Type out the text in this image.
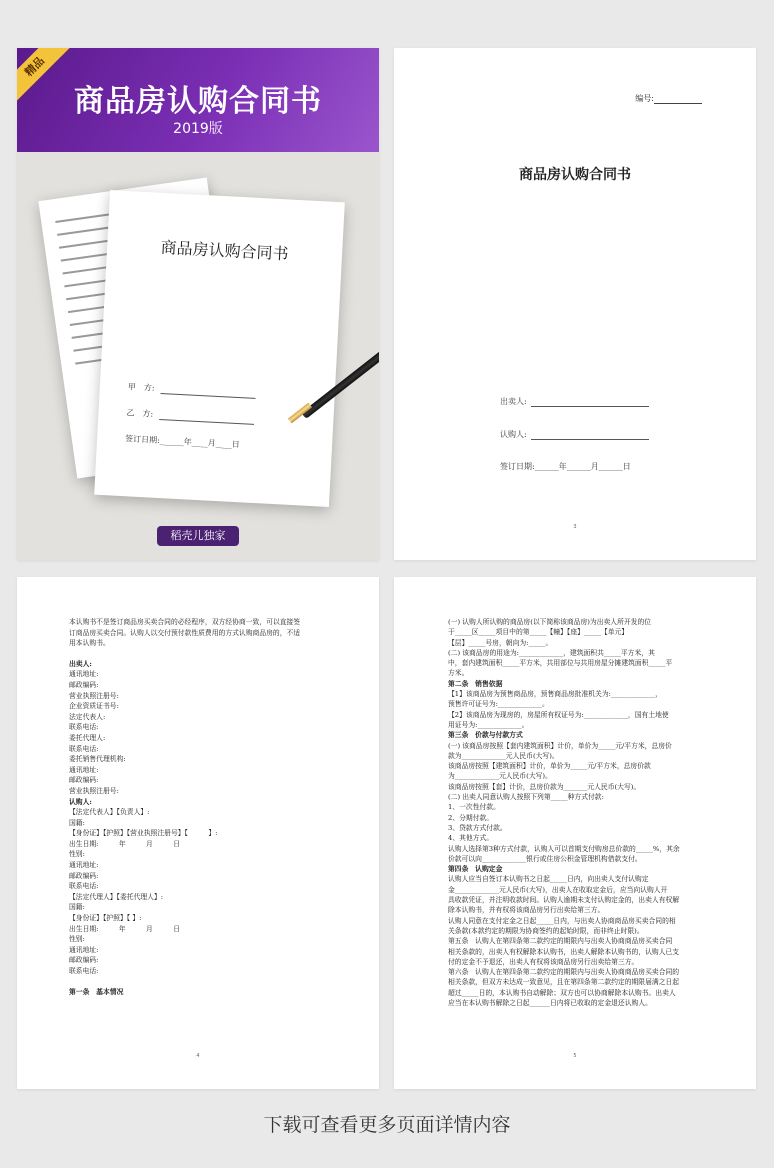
精品
商品房认购合同书
2019版
商品房认购合同书
甲　方:
乙　方:
签订日期:______年____月____日
稻壳儿独家
编号:
商品房认购合同书
出卖人:
认购人:
签订日期:______年______月______日
3

本认购书不是签订商品房买卖合同的必经程序，双方经协商一致，可以直接签

订商品房买卖合同。认购人以交付预付款性质费用的方式认购商品房的，不适

用本认购书。

出卖人:

通讯地址:

邮政编码:

营业执照注册号:

企业资质证书号:

法定代表人:

联系电话:

委托代理人:

联系电话:

委托销售代理机构:

通讯地址:

邮政编码:

营业执照注册号:

认购人:

【法定代表人】【负责人】:

国籍:

【身份证】【护照】【营业执照注册号】【　　　】:

出生日期:　　　年　　　月　　　日

性别:

通讯地址:

邮政编码:

联系电话:

【法定代理人】【委托代理人】:

国籍:

【身份证】【护照】【 】:

出生日期:　　　年　　　月　　　日

性别:

通讯地址:

邮政编码:

联系电话:

第一条　基本情况

4

(一) 认购人所认购的商品房(以下简称该商品房)为出卖人所开发的位

于_____区_____项目中的第_____【幢】【座】_____【单元】

【层】_____号房，朝向为:_____。

(二) 该商品房的用途为:_____________，建筑面积共_____平方米，其

中，套内建筑面积_____平方米，共用部位与共用房屋分摊建筑面积_____平

方米。

第二条　销售依据

【1】该商品房为预售商品房，预售商品房批准机关为:_____________，

预售许可证号为:_____________。

【2】该商品房为现房的，房屋所有权证号为:_____________，国有土地使

用证号为:_____________。

第三条　价款与付款方式

(一) 该商品房按照【套内建筑面积】计价，单价为_____元/平方米，总房价

款为_____________元人民币(大写)。

该商品房按照【建筑面积】计价，单价为_____元/平方米，总房价款

为_____________元人民币(大写)。

该商品房按照【套】计价，总房价款为_______元人民币(大写)。

(二) 出卖人同意认购人按照下列第_____种方式付款:

1、一次性付款。

2、分期付款。

3、贷款方式付款。

4、其他方式。

认购人选择第3种方式付款，认购人可以首期支付购房总价款的_____%，其余

价款可以向_____________银行或住房公积金管理机构借款支付。

第四条　认购定金

认购人应当自签订本认购书之日起_____日内，向出卖人支付认购定

金_____________元人民币(大写)，出卖人在收取定金后，应当向认购人开

具收款凭证，并注明收款时间。认购人逾期未支付认购定金的，出卖人有权解

除本认购书，并有权将该商品房另行出卖给第三方。

认购人同意在支付定金之日起_____日内，与出卖人协商商品房买卖合同的相

关条款(本款约定的期限为协商签约的起始时限，而非终止时限)。

第五条　认购人在第四条第二款约定的期限内与出卖人协商商品房买卖合同

相关条款的，出卖人有权解除本认购书，出卖人解除本认购书的，认购人已支

付的定金不予退还，出卖人有权将该商品房另行出卖给第三方。

第六条　认购人在第四条第二款约定的期限内与出卖人协商商品房买卖合同的

相关条款，但双方未达成一致意见，且在第四条第二款约定的期限届满之日起

超过_____日的，本认购书自动解除；双方也可以协商解除本认购书。出卖人

应当在本认购书解除之日起______日内将已收取的定金退还认购人。

5
下载可查看更多页面详情内容
